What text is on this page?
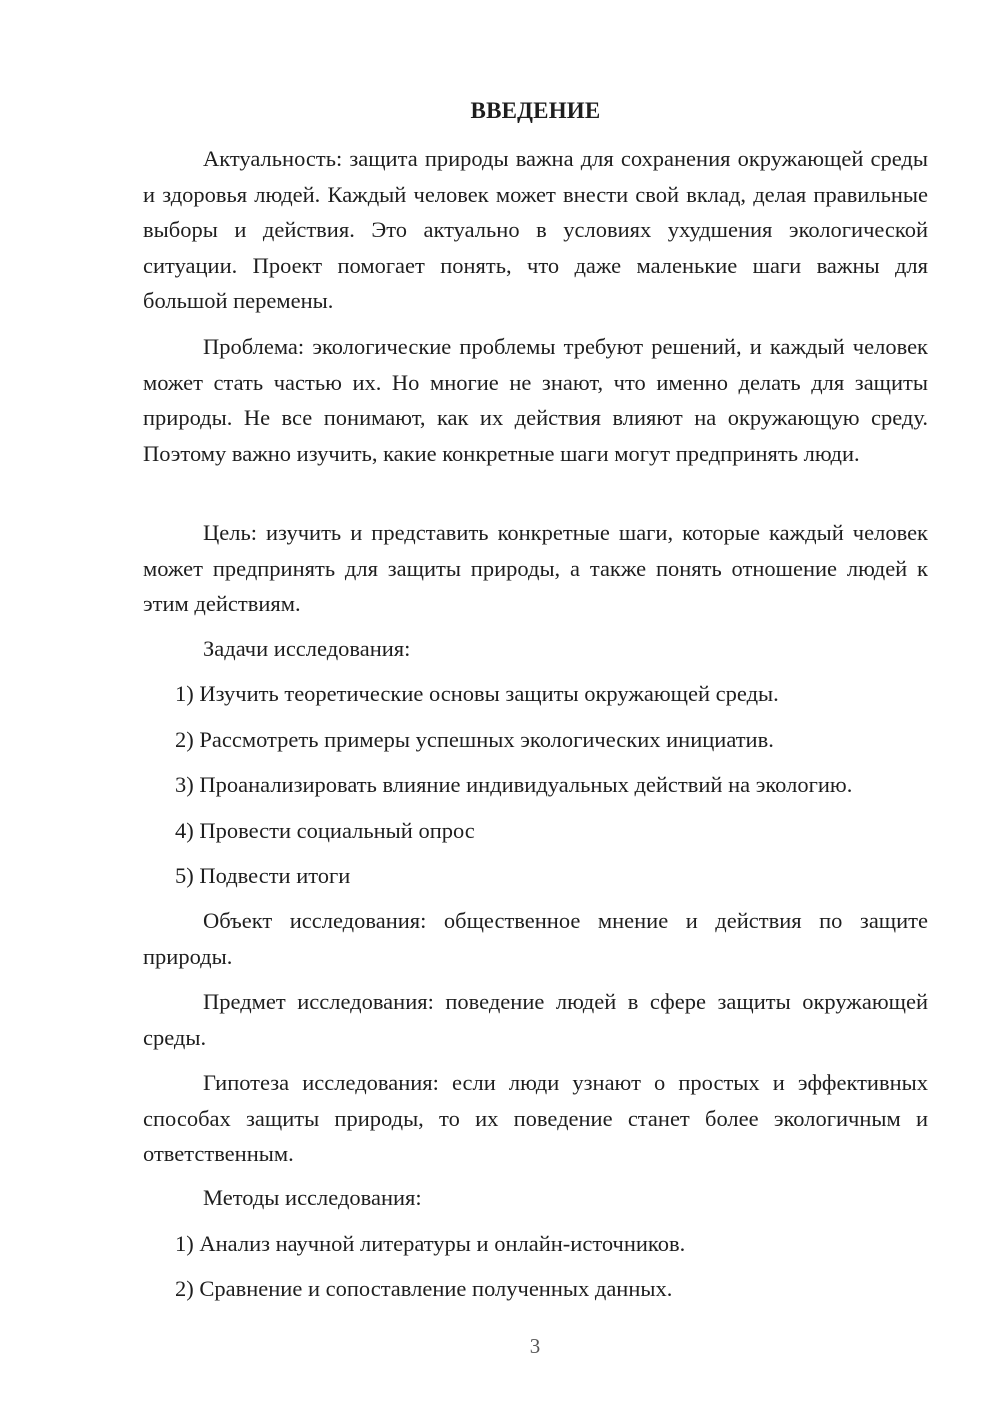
ВВЕДЕНИЕ

Актуальность: защита природы важна для сохранения окружающей среды и здоровья людей. Каждый человек может внести свой вклад, делая правильные выборы и действия. Это актуально в условиях ухудшения экологической ситуации. Проект помогает понять, что даже маленькие шаги важны для большой перемены.

Проблема: экологические проблемы требуют решений, и каждый человек может стать частью их. Но многие не знают, что именно делать для защиты природы. Не все понимают, как их действия влияют на окружающую среду. Поэтому важно изучить, какие конкретные шаги могут предпринять люди.

Цель: изучить и представить конкретные шаги, которые каждый человек может предпринять для защиты природы, а также понять отношение людей к этим действиям.

Задачи исследования:

1) Изучить теоретические основы защиты окружающей среды.

2) Рассмотреть примеры успешных экологических инициатив.

3) Проанализировать влияние индивидуальных действий на экологию.

4) Провести социальный опрос

5) Подвести итоги

Объект исследования: общественное мнение и действия по защите природы.

Предмет исследования: поведение людей в сфере защиты окружающей среды.

Гипотеза исследования: если люди узнают о простых и эффективных способах защиты природы, то их поведение станет более экологичным и ответственным.

Методы исследования:

1) Анализ научной литературы и онлайн-источников.

2) Сравнение и сопоставление полученных данных.

3
